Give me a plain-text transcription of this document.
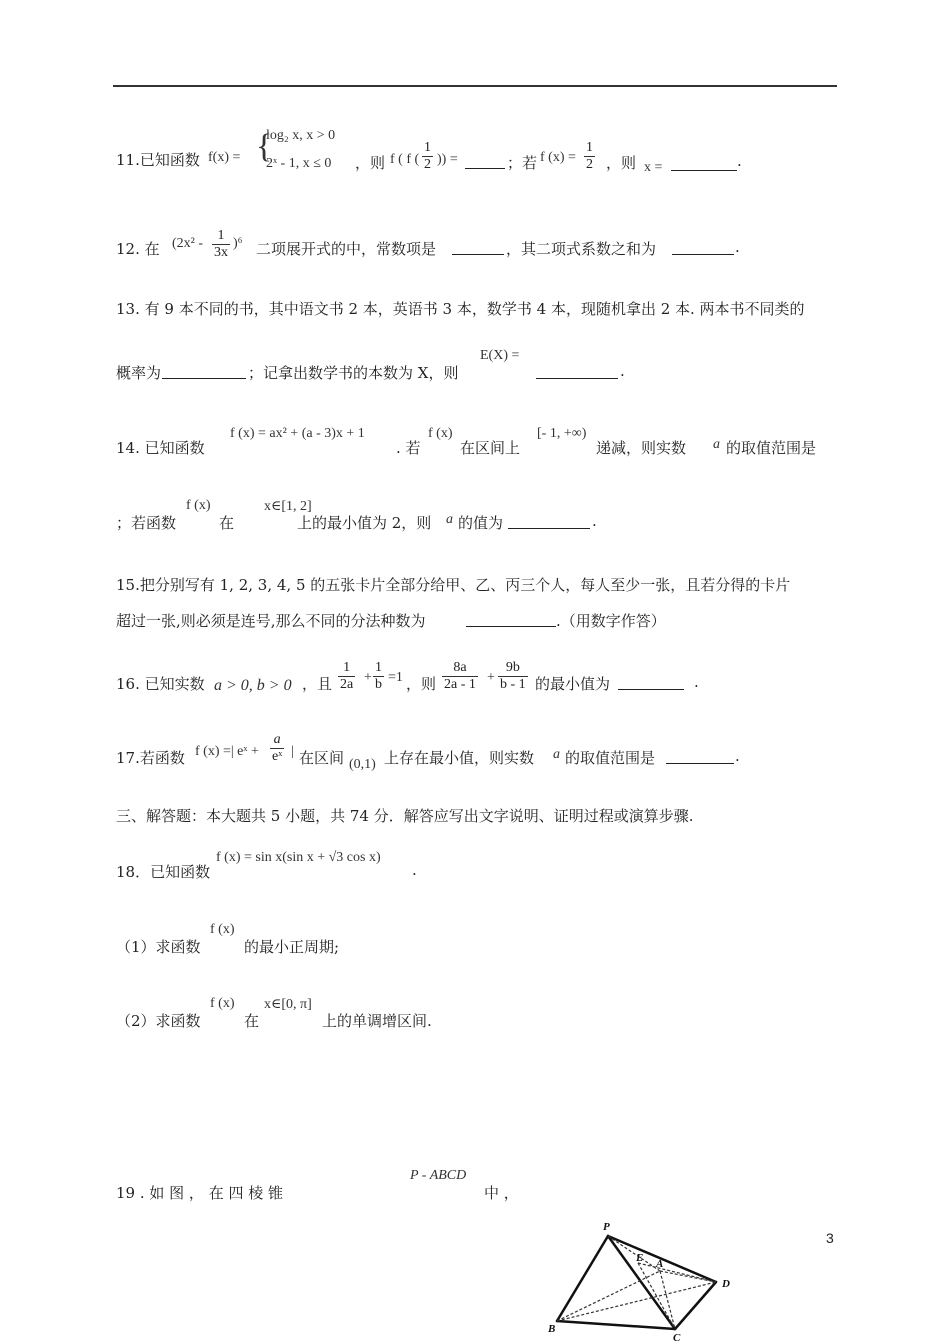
11.已知函数 f(x) = {
log₂ x, x > 0
2ˣ - 1, x ≤ 0 ，则 f ( f ( $\frac{1}{2}$ )) =	；若 f $(x) = \frac{1}{2}$ ，则 x =	.
12. 在 $(2x^2 - \frac{1}{3x} )^6$ 二项展开式的中，常数项是	，其二项式系数之和为	.
13. 有 9 本不同的书，其中语文书 2 本，英语书 3 本，数学书 4 本，现随机拿出 2 本. 两本书不同类的
概率为	；记拿出数学书的本数为 X，则
E(X) =
.
14. 已知函数
f (x) = ax² + (a - 3)x + 1
. 若
f (x)
在区间上
[- 1, +∞)
递减，则实数 a 的取值范围是
；若函数
f (x)
在
x∈[1, 2]
上的最小值为 2，则 a 的值为	.
15.把分别写有 1, 2, 3, 4, 5 的五张卡片全部分给甲、乙、丙三个人，每人至少一张，且若分得的卡片
超过一张,则必须是连号,那么不同的分法种数为	.（用数字作答）
16. 已知实数 a > 0, b > 0 ，且 $\frac{1}{2a} + \frac{1}{b} =1$ ，则 $\frac{8a}{2a - 1} + \frac{9b}{b - 1}$ 的最小值为	.
17.若函数 f (x) =| eˣ + $\frac{a}{\text{eˣ}}$ | 在区间 (0,1) 上存在最小值，则实数 a 的取值范围是	.
三、解答题：本大题共 5 小题，共 74 分．解答应写出文字说明、证明过程或演算步骤.
18．已知函数
f (x) = sin x(sin x + √3 cos x)
.
（1）求函数
f (x)
的最小正周期;
（2）求函数
f (x)
在
x∈[0, π]
上的单调增区间.
19 . 如 图 ， 在 四 棱 锥
P - ABCD
中 ，
3
P
E A
D
B
C
